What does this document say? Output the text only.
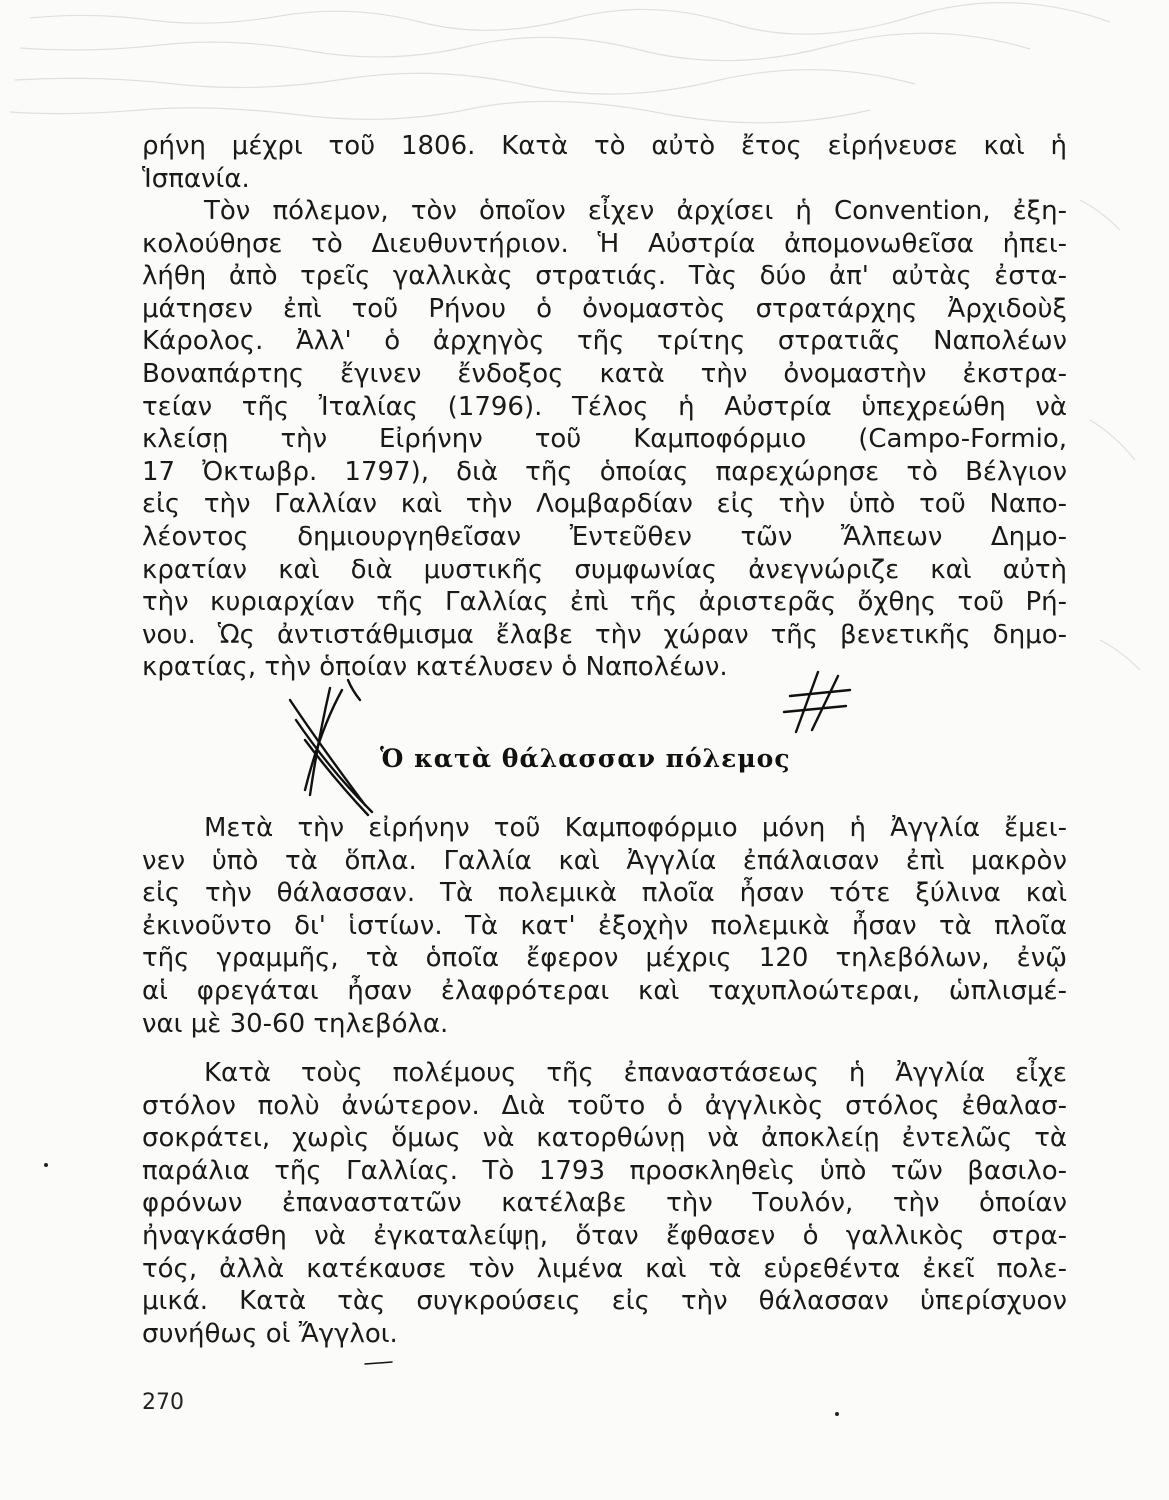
ρήνη μέχρι τοῦ 1806. Κατὰ τὸ αὐτὸ ἔτος εἰρήνευσε καὶ ἡ
Ἱσπανία.
Τὸν πόλεμον, τὸν ὁποῖον εἶχεν ἀρχίσει ἡ Convention, ἐξη-
κολούθησε τὸ Διευθυντήριον. Ἡ Αὐστρία ἀπομονωθεῖσα ἠπει-
λήθη ἀπὸ τρεῖς γαλλικὰς στρατιάς. Τὰς δύο ἀπ' αὐτὰς ἐστα-
μάτησεν ἐπὶ τοῦ Ρήνου ὁ ὀνομαστὸς στρατάρχης Ἀρχιδοὺξ
Κάρολος. Ἀλλ' ὁ ἀρχηγὸς τῆς τρίτης στρατιᾶς Ναπολέων
Βοναπάρτης ἔγινεν ἔνδοξος κατὰ τὴν ὀνομαστὴν ἐκστρα-
τείαν τῆς Ἰταλίας (1796). Τέλος ἡ Αὐστρία ὑπεχρεώθη νὰ
κλείσῃ τὴν Εἰρήνην τοῦ Καμποφόρμιο (Campo-Formio,
17 Ὀκτωβρ. 1797), διὰ τῆς ὁποίας παρεχώρησε τὸ Βέλγιον
εἰς τὴν Γαλλίαν καὶ τὴν Λομβαρδίαν εἰς τὴν ὑπὸ τοῦ Ναπο-
λέοντος δημιουργηθεῖσαν Ἐντεῦθεν τῶν Ἄλπεων Δημο-
κρατίαν καὶ διὰ μυστικῆς συμφωνίας ἀνεγνώριζε καὶ αὐτὴ
τὴν κυριαρχίαν τῆς Γαλλίας ἐπὶ τῆς ἀριστερᾶς ὄχθης τοῦ Ρή-
νου. Ὡς ἀντιστάθμισμα ἔλαβε τὴν χώραν τῆς βενετικῆς δημο-
κρατίας, τὴν ὁποίαν κατέλυσεν ὁ Ναπολέων.
Ὁ κατὰ θάλασσαν πόλεμος
Μετὰ τὴν εἰρήνην τοῦ Καμποφόρμιο μόνη ἡ Ἀγγλία ἔμει-
νεν ὑπὸ τὰ ὅπλα. Γαλλία καὶ Ἀγγλία ἐπάλαισαν ἐπὶ μακρὸν
εἰς τὴν θάλασσαν. Τὰ πολεμικὰ πλοῖα ἦσαν τότε ξύλινα καὶ
ἐκινοῦντο δι' ἱστίων. Τὰ κατ' ἐξοχὴν πολεμικὰ ἦσαν τὰ πλοῖα
τῆς γραμμῆς, τὰ ὁποῖα ἔφερον μέχρις 120 τηλεβόλων, ἐνῷ
αἱ φρεγάται ἦσαν ἐλαφρότεραι καὶ ταχυπλοώτεραι, ὡπλισμέ-
ναι μὲ 30-60 τηλεβόλα.
Κατὰ τοὺς πολέμους τῆς ἐπαναστάσεως ἡ Ἀγγλία εἶχε
στόλον πολὺ ἀνώτερον. Διὰ τοῦτο ὁ ἀγγλικὸς στόλος ἐθαλασ-
σοκράτει, χωρὶς ὅμως νὰ κατορθώνῃ νὰ ἀποκλείῃ ἐντελῶς τὰ
παράλια τῆς Γαλλίας. Τὸ 1793 προσκληθεὶς ὑπὸ τῶν βασιλο-
φρόνων ἐπαναστατῶν κατέλαβε τὴν Τουλόν, τὴν ὁποίαν
ἠναγκάσθη νὰ ἐγκαταλείψῃ, ὅταν ἔφθασεν ὁ γαλλικὸς στρα-
τός, ἀλλὰ κατέκαυσε τὸν λιμένα καὶ τὰ εὑρεθέντα ἐκεῖ πολε-
μικά. Κατὰ τὰς συγκρούσεις εἰς τὴν θάλασσαν ὑπερίσχυον
συνήθως οἱ Ἄγγλοι.
270
